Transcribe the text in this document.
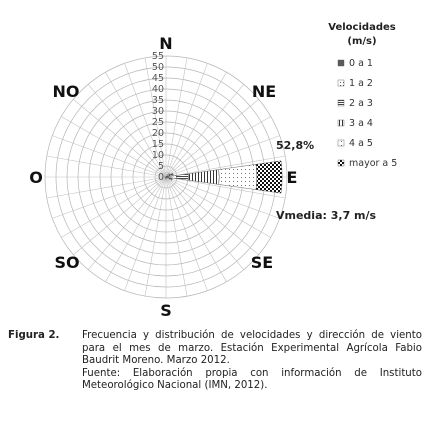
0
5
10
15
20
25
30
35
40
45
50
55
N
NE
E
SE
S
SO
O
NO
Velocidades
(m/s)
0 a 1
1 a 2
2 a 3
3 a 4
4 a 5
mayor a 5
52,8%
Vmedia: 3,7 m/s
Figura 2. Frecuencia y distribución de velocidades y dirección de viento para el mes de marzo. Estación Experimental Agrícola Fabio Baudrit Moreno. Marzo 2012.
Fuente: Elaboración propia con información de Instituto Meteorológico Nacional (IMN, 2012).
